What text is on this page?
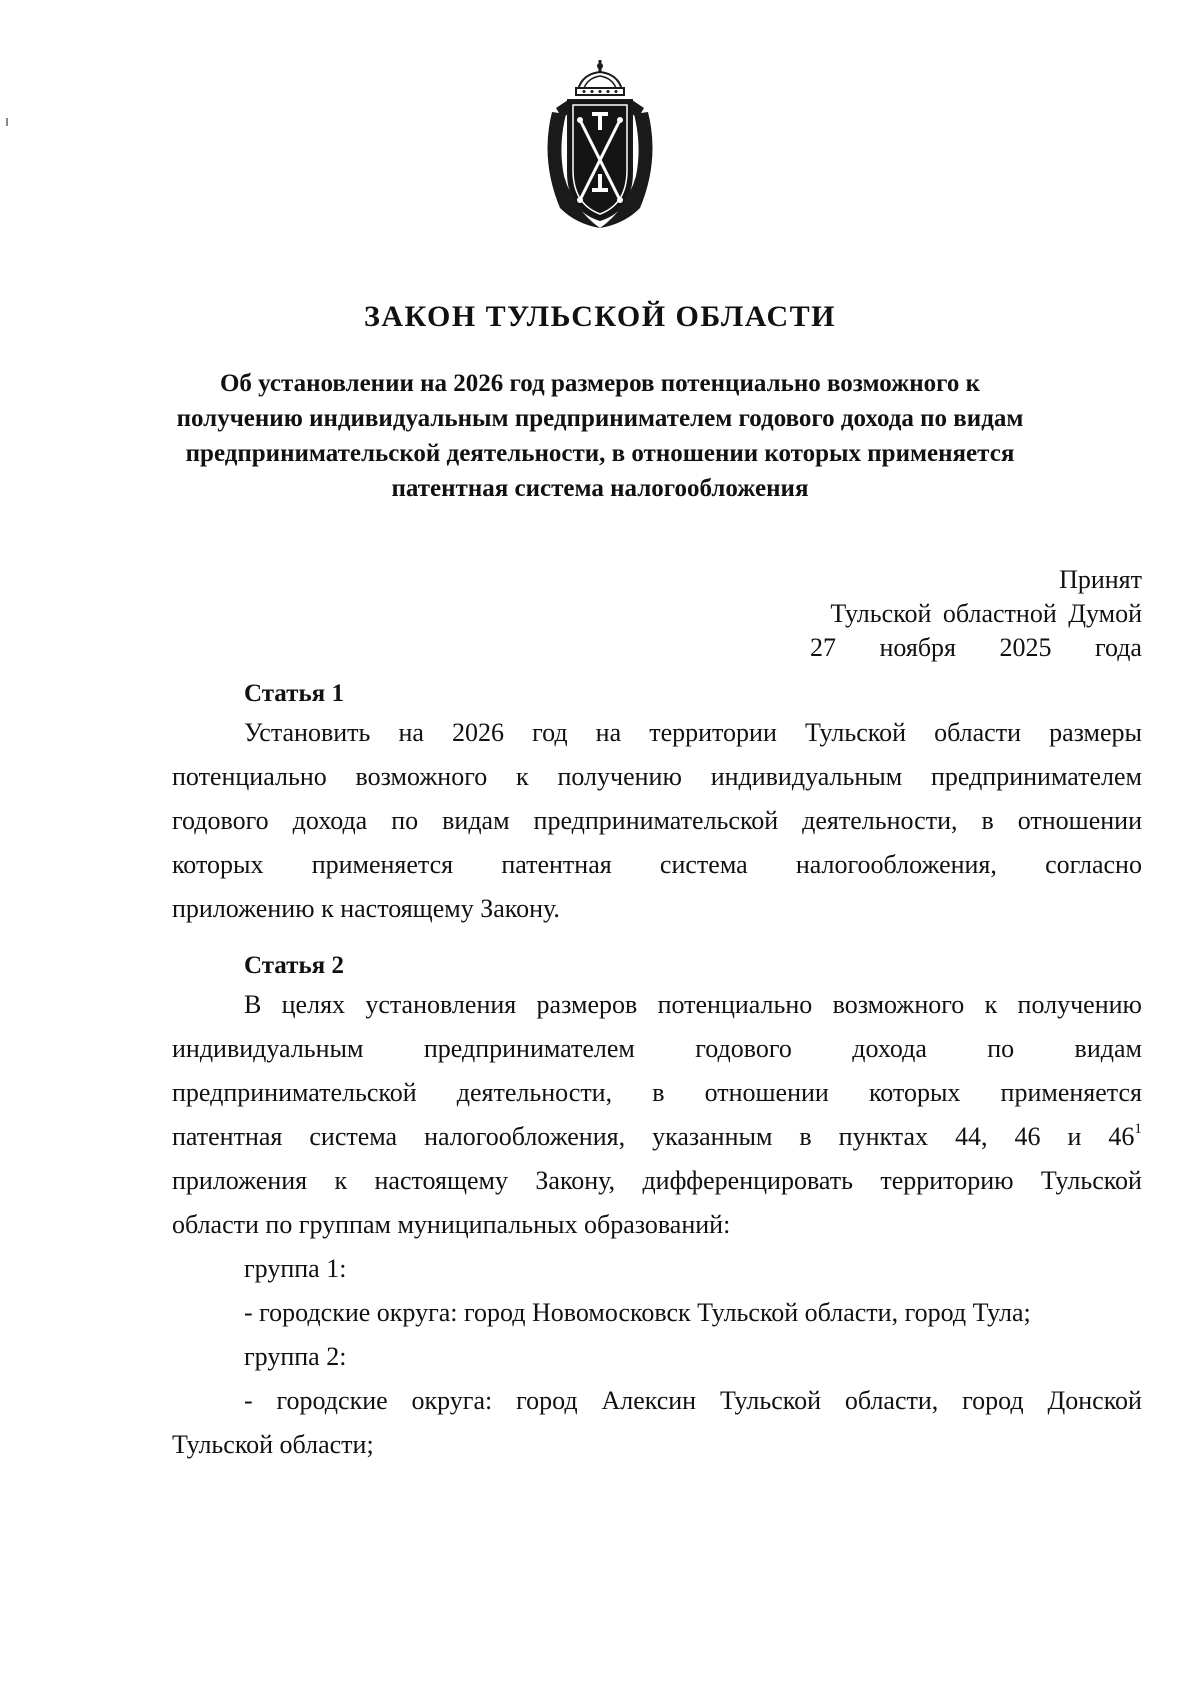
ЗАКОН ТУЛЬСКОЙ ОБЛАСТИ
Об установлении на 2026 год размеров потенциально возможного к
получению индивидуальным предпринимателем годового дохода по видам
предпринимательской деятельности, в отношении которых применяется
патентная система налогообложения
Принят
Тульской областной Думой
27 ноября 2025 года
Статья 1
Установить на 2026 год на территории Тульской области размеры
потенциально возможного к получению индивидуальным предпринимателем
годового дохода по видам предпринимательской деятельности, в отношении
которых применяется патентная система налогообложения, согласно
приложению к настоящему Закону.
Статья 2
В целях установления размеров потенциально возможного к получению
индивидуальным предпринимателем годового дохода по видам
предпринимательской деятельности, в отношении которых применяется
патентная система налогообложения, указанным в пунктах 44, 46 и $46^1$
приложения к настоящему Закону, дифференцировать территорию Тульской
области по группам муниципальных образований:
группа 1:
- городские округа: город Новомосковск Тульской области, город Тула;
группа 2:
- городские округа: город Алексин Тульской области, город Донской
Тульской области;
